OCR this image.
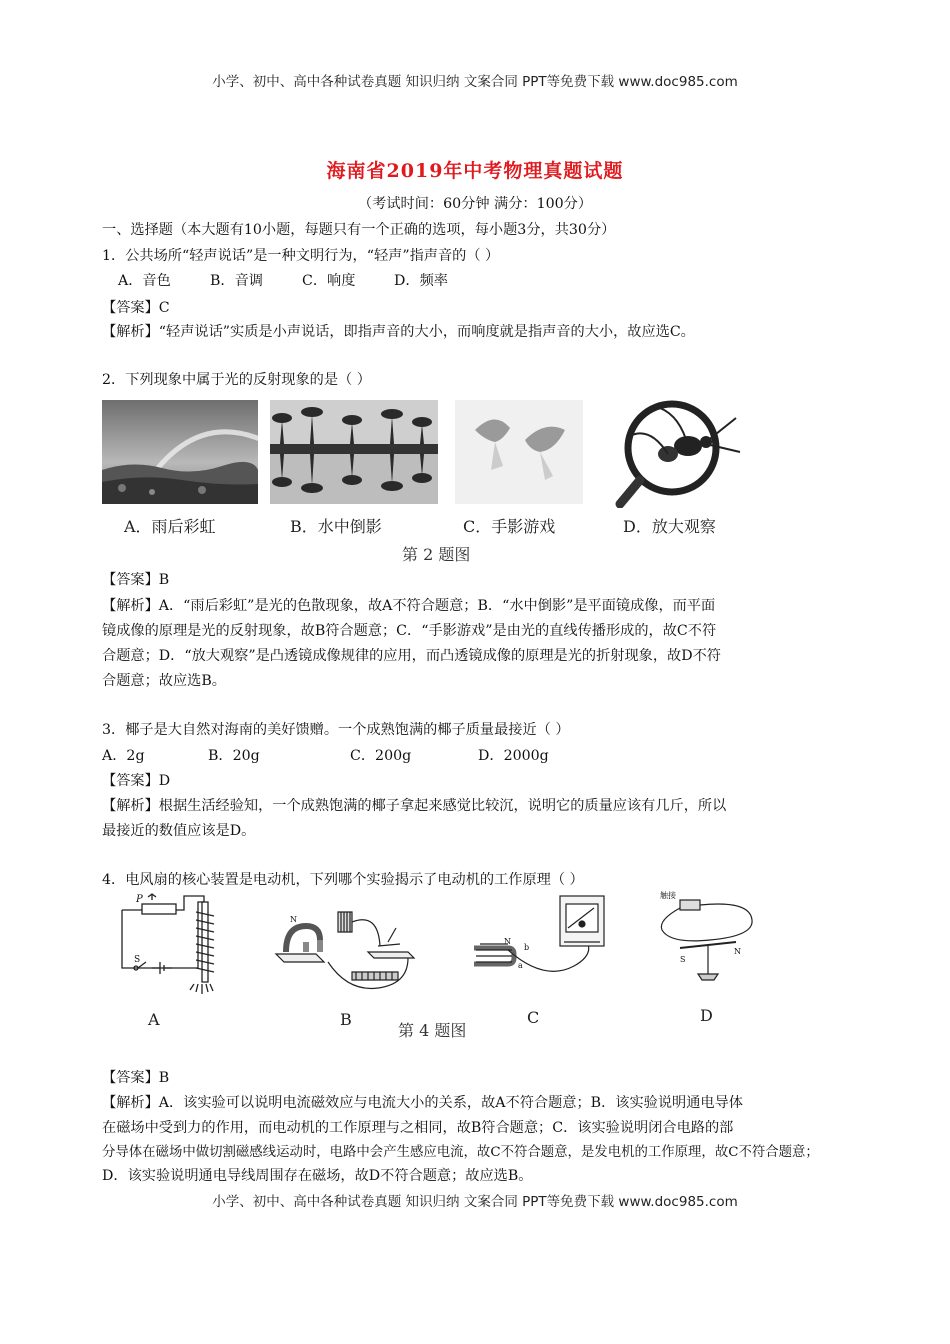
小学、初中、高中各种试卷真题 知识归纳 文案合同 PPT等免费下载 www.doc985.com
海南省2019年中考物理真题试题
（考试时间：60分钟 满分：100分）
一、选择题（本大题有10小题，每题只有一个正确的选项，每小题3分，共30分）
1．公共场所“轻声说话”是一种文明行为，“轻声”指声音的（ ）
A．音色	B．音调	C．响度	D．频率
【答案】C
【解析】“轻声说话”实质是小声说话，即指声音的大小，而响度就是指声音的大小，故应选C。
2．下列现象中属于光的反射现象的是（ ）
A．雨后彩虹	B．水中倒影	C．手影游戏	D．放大观察
第 2 题图
【答案】B
【解析】A．“雨后彩虹”是光的色散现象，故A不符合题意；B．“水中倒影”是平面镜成像，而平面
镜成像的原理是光的反射现象，故B符合题意；C．“手影游戏”是由光的直线传播形成的，故C不符
合题意；D．“放大观察”是凸透镜成像规律的应用，而凸透镜成像的原理是光的折射现象，故D不符
合题意；故应选B。
3．椰子是大自然对海南的美好馈赠。一个成熟饱满的椰子质量最接近（ ）
A．2g	B．20g	C．200g	D．2000g
【答案】D
【解析】根据生活经验知，一个成熟饱满的椰子拿起来感觉比较沉，说明它的质量应该有几斤，所以
最接近的数值应该是D。
4．电风扇的核心装置是电动机，下列哪个实验揭示了电动机的工作原理（ ）
P
S
N
b
a
N
触接
S
N
A	B	C	D
第 4 题图
【答案】B
【解析】A．该实验可以说明电流磁效应与电流大小的关系，故A不符合题意；B．该实验说明通电导体
在磁场中受到力的作用，而电动机的工作原理与之相同，故B符合题意；C．该实验说明闭合电路的部
分导体在磁场中做切割磁感线运动时，电路中会产生感应电流，故C不符合题意，是发电机的工作原理，故C不符合题意；
D．该实验说明通电导线周围存在磁场，故D不符合题意；故应选B。
小学、初中、高中各种试卷真题 知识归纳 文案合同 PPT等免费下载 www.doc985.com
